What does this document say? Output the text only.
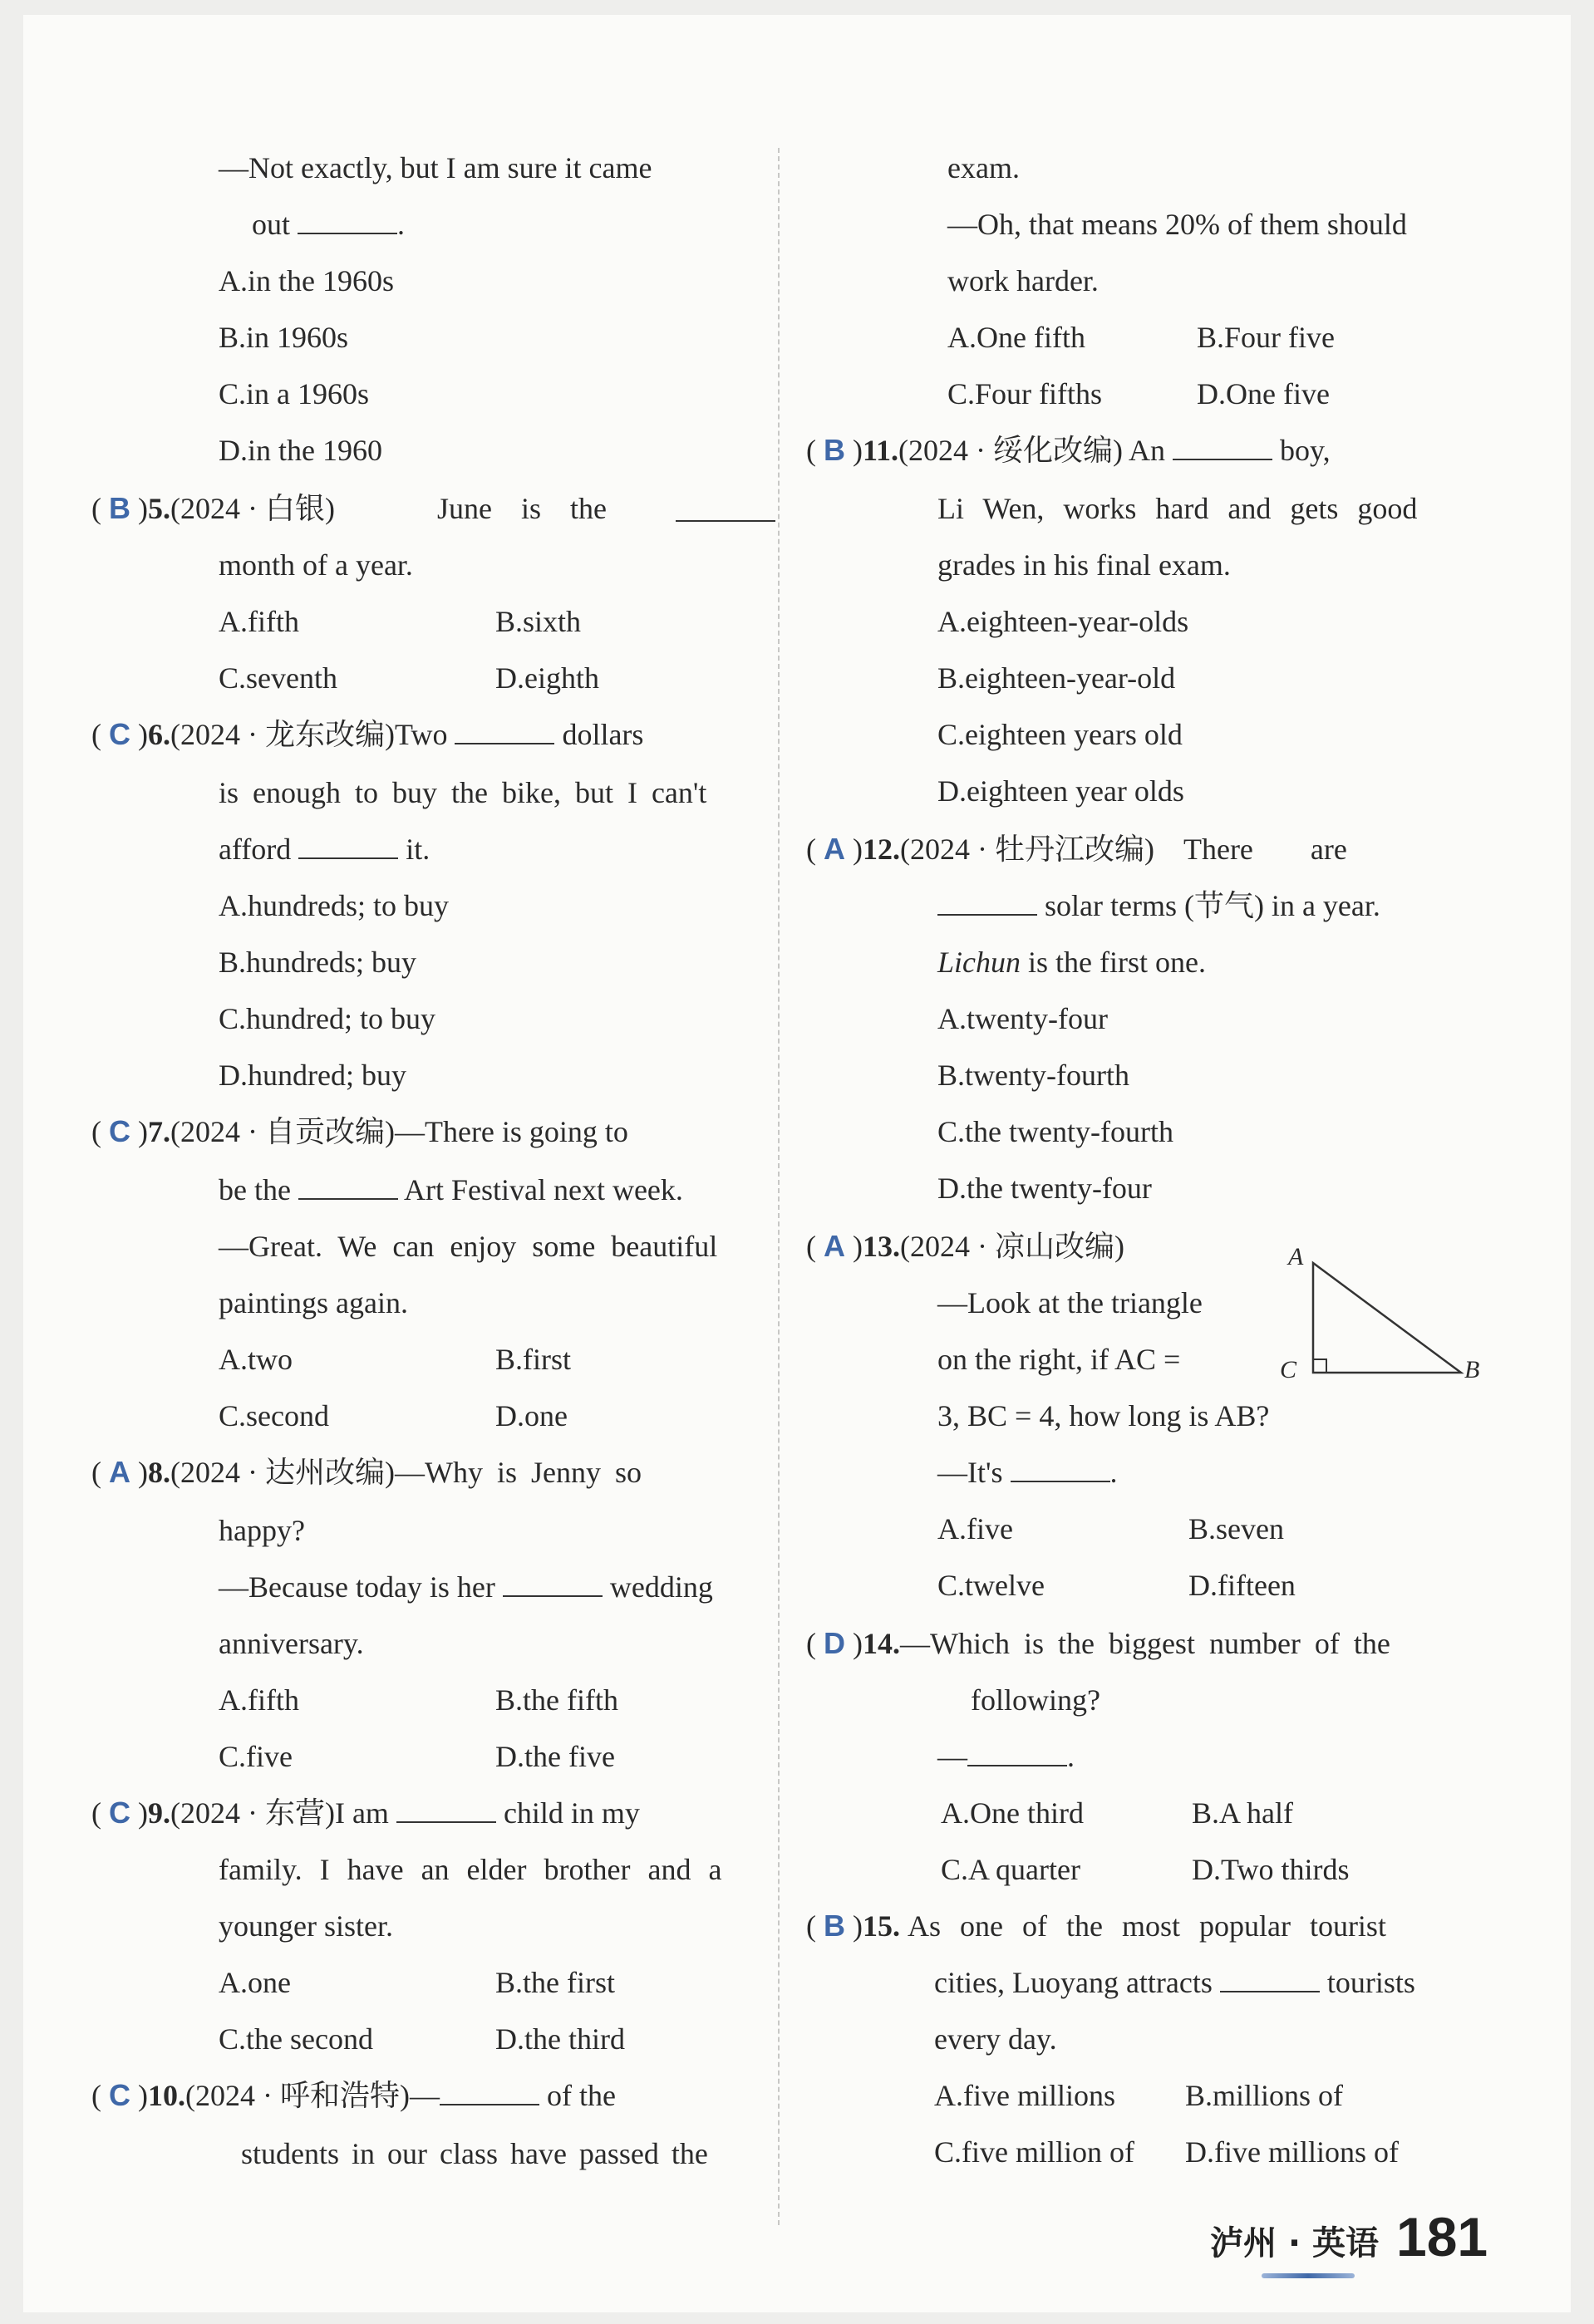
—Not exactly, but I am sure it came
out	.
A.in the 1960s
B.in 1960s
C.in a 1960s
D.in the 1960
( B )5.(2024 · 白银)	June is the
month of a year.
A.fifth	B.sixth
C.seventh	D.eighth
( C )6.(2024 · 龙东改编)Two	dollars
is enough to buy the bike, but I can't
afford	it.
A.hundreds; to buy
B.hundreds; buy
C.hundred; to buy
D.hundred; buy
( C )7.(2024 · 自贡改编)—There is going to
be the	Art Festival next week.
—Great. We can enjoy some beautiful
paintings again.
A.two	B.first
C.second	D.one
( A )8.(2024 · 达州改编)—Why is Jenny so
happy?
—Because today is her	wedding
anniversary.
A.fifth	B.the fifth
C.five	D.the five
( C )9.(2024 · 东营)I am	child in my
family. I have an elder brother and a
younger sister.
A.one	B.the first
C.the second	D.the third
( C )10.(2024 · 呼和浩特)—	of the
students in our class have passed the
exam.
—Oh, that means 20% of them should
work harder.
A.One fifth	B.Four five
C.Four fifths	D.One five
( B )11.(2024 · 绥化改编) An	boy,
Li Wen, works hard and gets good
grades in his final exam.
A.eighteen-year-olds
B.eighteen-year-old
C.eighteen years old
D.eighteen year olds
( A )12.(2024 · 牡丹江改编) There are
solar terms (节气) in a year.
Lichun is the first one.
A.twenty-four
B.twenty-fourth
C.the twenty-fourth
D.the twenty-four
( A )13.(2024 · 凉山改编)
—Look at the triangle
on the right, if AC =
3, BC = 4, how long is AB?
—It's	.
A.five	B.seven
C.twelve	D.fifteen
( D )14.—Which is the biggest number of the
following?
—	.
A.One third	B.A half
C.A quarter	D.Two thirds
( B )15. As one of the most popular tourist
cities, Luoyang attracts	tourists
every day.
A.five millions B.millions of
C.five million of D.five millions of
A
C	B
泸州 · 英语 181
